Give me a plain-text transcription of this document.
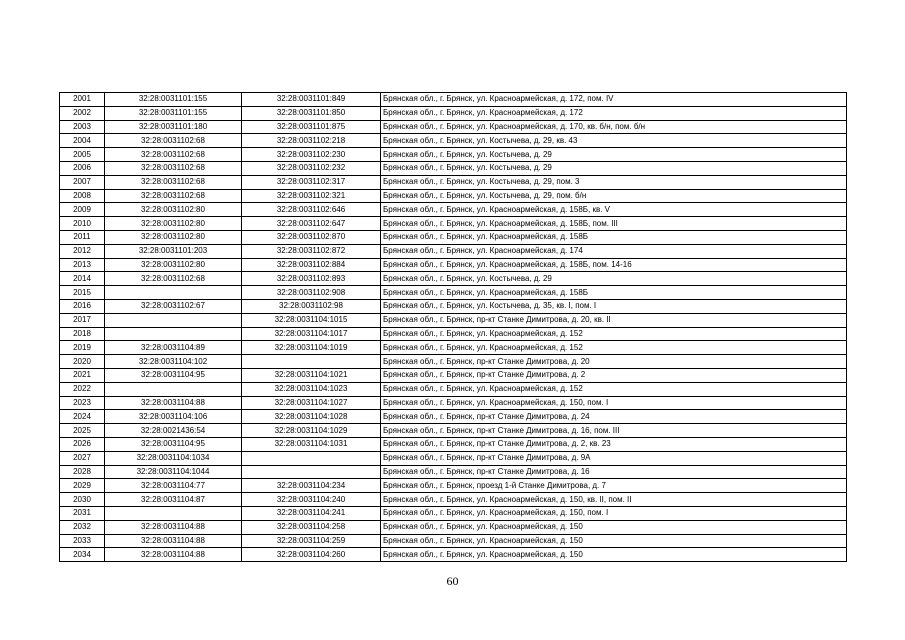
2001	32:28:0031101:155	32:28:0031101:849	Брянская обл., г. Брянск, ул. Красноармейская, д. 172, пом. IV
2002	32:28:0031101:155	32:28:0031101:850	Брянская обл., г. Брянск, ул. Красноармейская, д. 172
2003	32:28:0031101:180	32:28:0031101:875	Брянская обл., г. Брянск, ул. Красноармейская, д. 170, кв. б/н, пом. б/н
2004	32:28:0031102:68	32:28:0031102:218	Брянская обл., г. Брянск, ул. Костычева, д. 29, кв. 43
2005	32:28:0031102:68	32:28:0031102:230	Брянская обл., г. Брянск, ул. Костычева, д. 29
2006	32:28:0031102:68	32:28:0031102:232	Брянская обл., г. Брянск, ул. Костычева, д. 29
2007	32:28:0031102:68	32:28:0031102:317	Брянская обл., г. Брянск, ул. Костычева, д. 29, пом. 3
2008	32:28:0031102:68	32:28:0031102:321	Брянская обл., г. Брянск, ул. Костычева, д. 29, пом. б/н
2009	32:28:0031102:80	32:28:0031102:646	Брянская обл., г. Брянск, ул. Красноармейская, д. 158Б, кв. V
2010	32:28:0031102:80	32:28:0031102:647	Брянская обл., г. Брянск, ул. Красноармейская, д. 158Б, пом. III
2011	32:28:0031102:80	32:28:0031102:870	Брянская обл., г. Брянск, ул. Красноармейская, д. 158Б
2012	32:28:0031101:203	32:28:0031102:872	Брянская обл., г. Брянск, ул. Красноармейская, д. 174
2013	32:28:0031102:80	32:28:0031102:884	Брянская обл., г. Брянск, ул. Красноармейская, д. 158Б, пом. 14-16
2014	32:28:0031102:68	32:28:0031102:893	Брянская обл., г. Брянск, ул. Костычева, д. 29
2015		32:28:0031102:908	Брянская обл., г. Брянск, ул. Красноармейская, д. 158Б
2016	32:28:0031102:67	32:28:0031102:98	Брянская обл., г. Брянск, ул. Костычева, д. 35, кв. I, пом. I
2017		32:28:0031104:1015	Брянская обл., г. Брянск, пр-кт Станке Димитрова, д. 20, кв. II
2018		32:28:0031104:1017	Брянская обл., г. Брянск, ул. Красноармейская, д. 152
2019	32:28:0031104:89	32:28:0031104:1019	Брянская обл., г. Брянск, ул. Красноармейская, д. 152
2020	32:28:0031104:102		Брянская обл., г. Брянск, пр-кт Станке Димитрова, д. 20
2021	32:28:0031104:95	32:28:0031104:1021	Брянская обл., г. Брянск, пр-кт Станке Димитрова, д. 2
2022		32:28:0031104:1023	Брянская обл., г. Брянск, ул. Красноармейская, д. 152
2023	32:28:0031104:88	32:28:0031104:1027	Брянская обл., г. Брянск, ул. Красноармейская, д. 150, пом. I
2024	32:28:0031104:106	32:28:0031104:1028	Брянская обл., г. Брянск, пр-кт Станке Димитрова, д. 24
2025	32:28:0021436:54	32:28:0031104:1029	Брянская обл., г. Брянск, пр-кт Станке Димитрова, д. 16, пом. III
2026	32:28:0031104:95	32:28:0031104:1031	Брянская обл., г. Брянск, пр-кт Станке Димитрова, д. 2, кв. 23
2027	32:28:0031104:1034		Брянская обл., г. Брянск, пр-кт Станке Димитрова, д. 9А
2028	32:28:0031104:1044		Брянская обл., г. Брянск, пр-кт Станке Димитрова, д. 16
2029	32:28:0031104:77	32:28:0031104:234	Брянская обл., г. Брянск, проезд 1-й Станке Димитрова, д. 7
2030	32:28:0031104:87	32:28:0031104:240	Брянская обл., г. Брянск, ул. Красноармейская, д. 150, кв. II, пом. II
2031		32:28:0031104:241	Брянская обл., г. Брянск, ул. Красноармейская, д. 150, пом. I
2032	32:28:0031104:88	32:28:0031104:258	Брянская обл., г. Брянск, ул. Красноармейская, д. 150
2033	32:28:0031104:88	32:28:0031104:259	Брянская обл., г. Брянск, ул. Красноармейская, д. 150
2034	32:28:0031104:88	32:28:0031104:260	Брянская обл., г. Брянск, ул. Красноармейская, д. 150
60
